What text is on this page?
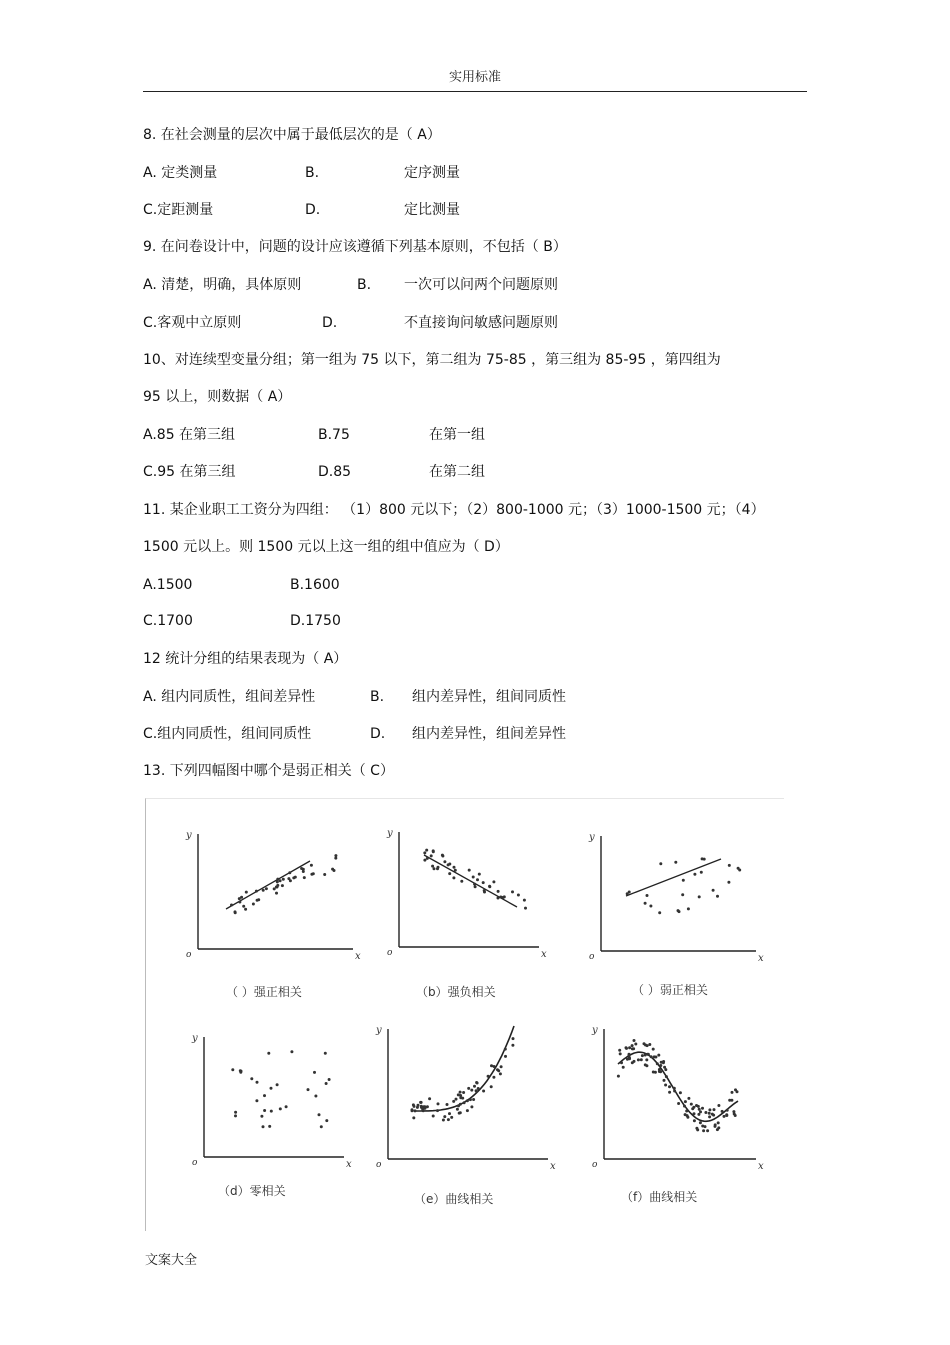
实用标准
8. 在社会测量的层次中属于最低层次的是（ A）
A. 定类测量	B.	定序测量
C.定距测量	D.	定比测量
9. 在问卷设计中，问题的设计应该遵循下列基本原则，不包括（ B）
A. 清楚，明确，具体原则	B. 一次可以问两个问题原则
C.客观中立原则	D.	不直接询问敏感问题原则
10、对连续型变量分组；第一组为 75 以下，第二组为 75-85 ，第三组为 85-95 ，第四组为
95 以上，则数据（ A）
A.85 在第三组	B.75	在第一组
C.95 在第三组	D.85	在第二组
11. 某企业职工工资分为四组： （1）800 元以下；（2）800-1000 元；（3）1000-1500 元；（4）
1500 元以上。则 1500 元以上这一组的组中值应为（ D）
A.1500	B.1600
C.1700	D.1750
12 统计分组的结果表现为（ A）
A. 组内同质性，组间差异性	B. 组内差异性，组间同质性
C.组内同质性，组间同质性	D. 组内差异性，组间差异性
13. 下列四幅图中哪个是弱正相关（ C）
y
x
o
（ ）强正相关
y
x
o
（b）强负相关
y
x
o
（ ）弱正相关
y
x
o
（d）零相关
y
x
o
（e）曲线相关
y
x
o
（f）曲线相关
文案大全
